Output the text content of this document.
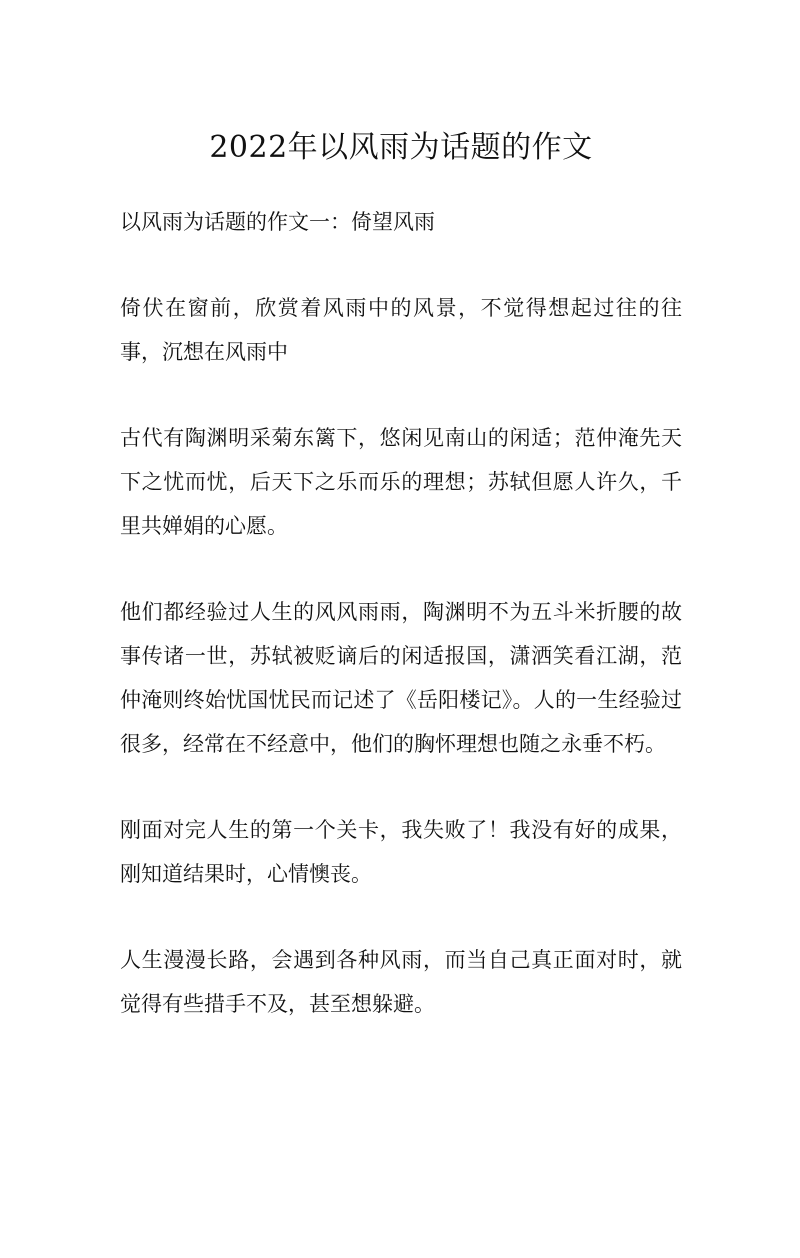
2022年以风雨为话题的作文

以风雨为话题的作文一：倚望风雨

倚伏在窗前，欣赏着风雨中的风景，不觉得想起过往的往事，沉想在风雨中

古代有陶渊明采菊东篱下，悠闲见南山的闲适；范仲淹先天下之忧而忧，后天下之乐而乐的理想；苏轼但愿人许久，千里共婵娟的心愿。

他们都经验过人生的风风雨雨，陶渊明不为五斗米折腰的故事传诸一世，苏轼被贬谪后的闲适报国，潇洒笑看江湖，范仲淹则终始忧国忧民而记述了《岳阳楼记》。人的一生经验过很多，经常在不经意中，他们的胸怀理想也随之永垂不朽。

刚面对完人生的第一个关卡，我失败了！我没有好的成果，刚知道结果时，心情懊丧。

人生漫漫长路，会遇到各种风雨，而当自己真正面对时，就觉得有些措手不及，甚至想躲避。
